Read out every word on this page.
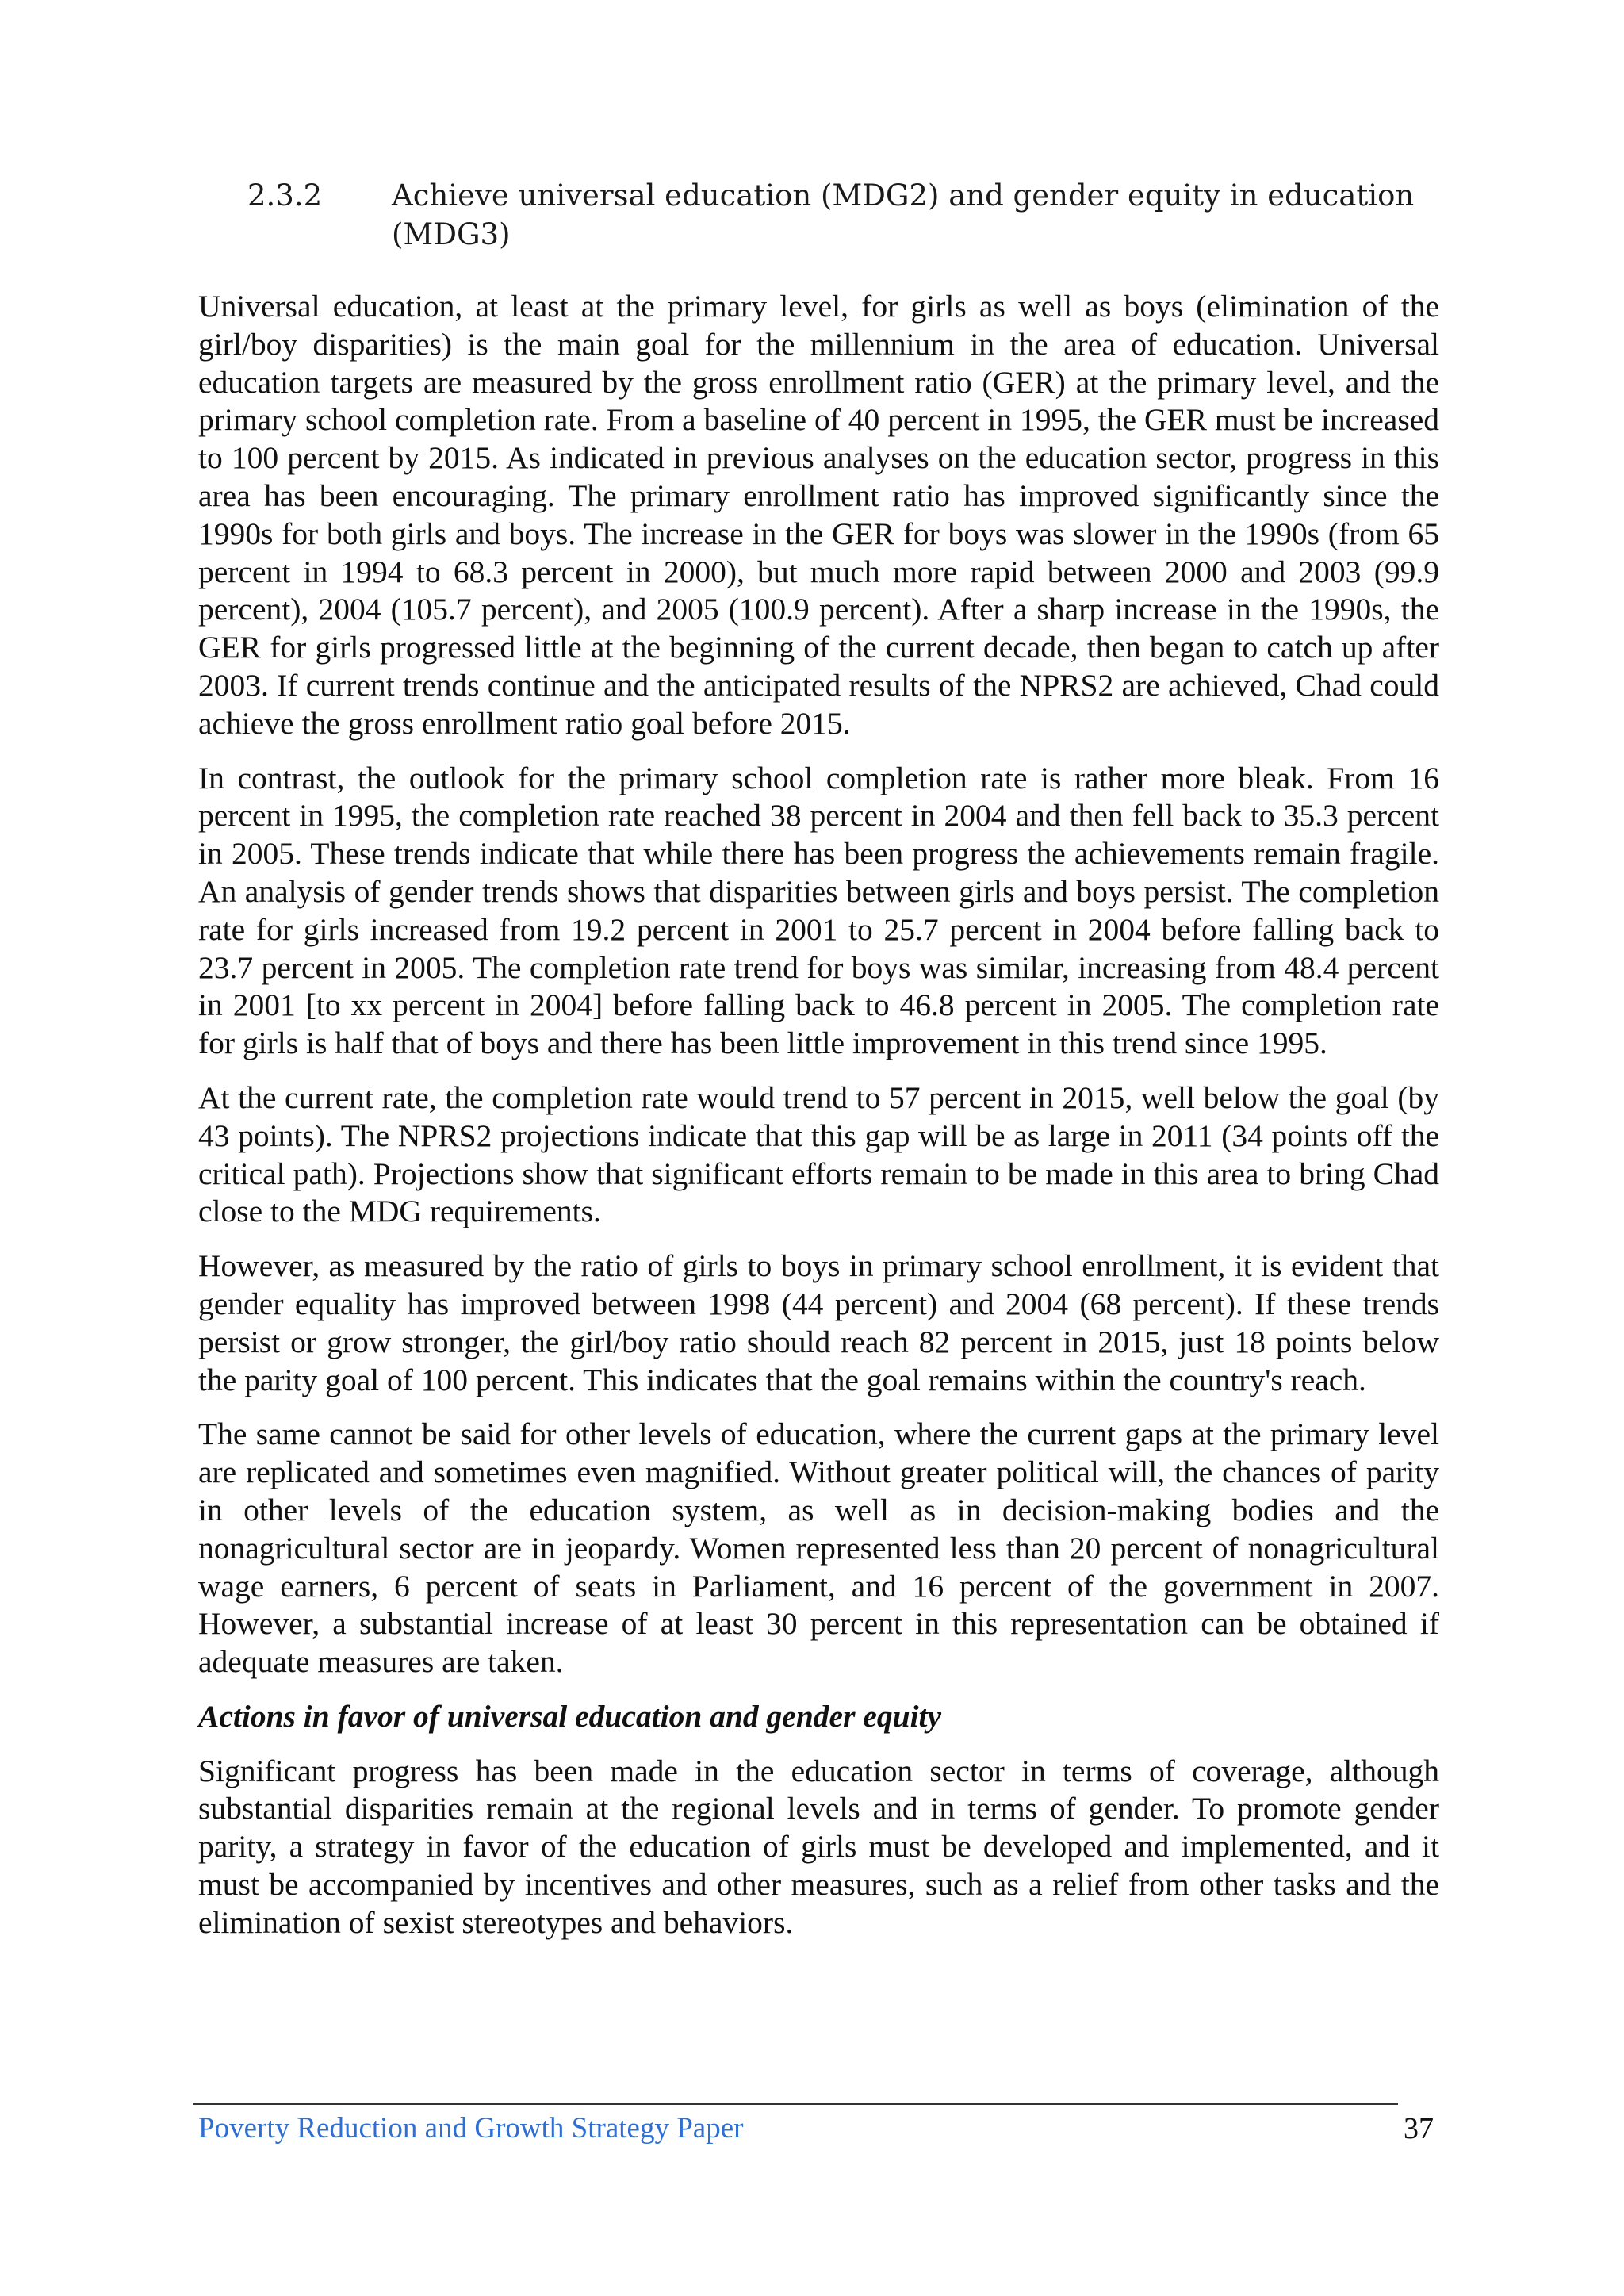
2.3.2 Achieve universal education (MDG2) and gender equity in education (MDG3)

Universal education, at least at the primary level, for girls as well as boys (elimination of the girl/boy disparities) is the main goal for the millennium in the area of education. Universal education targets are measured by the gross enrollment ratio (GER) at the primary level, and the primary school completion rate. From a baseline of 40 percent in 1995, the GER must be increased to 100 percent by 2015. As indicated in previous analyses on the education sector, progress in this area has been encouraging. The primary enrollment ratio has improved significantly since the 1990s for both girls and boys. The increase in the GER for boys was slower in the 1990s (from 65 percent in 1994 to 68.3 percent in 2000), but much more rapid between 2000 and 2003 (99.9 percent), 2004 (105.7 percent), and 2005 (100.9 percent). After a sharp increase in the 1990s, the GER for girls progressed little at the beginning of the current decade, then began to catch up after 2003. If current trends continue and the anticipated results of the NPRS2 are achieved, Chad could achieve the gross enrollment ratio goal before 2015.

In contrast, the outlook for the primary school completion rate is rather more bleak. From 16 percent in 1995, the completion rate reached 38 percent in 2004 and then fell back to 35.3 percent in 2005. These trends indicate that while there has been progress the achievements remain fragile. An analysis of gender trends shows that disparities between girls and boys persist. The completion rate for girls increased from 19.2 percent in 2001 to 25.7 percent in 2004 before falling back to 23.7 percent in 2005. The completion rate trend for boys was similar, increasing from 48.4 percent in 2001 [to xx percent in 2004] before falling back to 46.8 percent in 2005. The completion rate for girls is half that of boys and there has been little improvement in this trend since 1995.

At the current rate, the completion rate would trend to 57 percent in 2015, well below the goal (by 43 points). The NPRS2 projections indicate that this gap will be as large in 2011 (34 points off the critical path). Projections show that significant efforts remain to be made in this area to bring Chad close to the MDG requirements.

However, as measured by the ratio of girls to boys in primary school enrollment, it is evident that gender equality has improved between 1998 (44 percent) and 2004 (68 percent). If these trends persist or grow stronger, the girl/boy ratio should reach 82 percent in 2015, just 18 points below the parity goal of 100 percent. This indicates that the goal remains within the country's reach.

The same cannot be said for other levels of education, where the current gaps at the primary level are replicated and sometimes even magnified. Without greater political will, the chances of parity in other levels of the education system, as well as in decision-making bodies and the nonagricultural sector are in jeopardy. Women represented less than 20 percent of nonagricultural wage earners, 6 percent of seats in Parliament, and 16 percent of the government in 2007. However, a substantial increase of at least 30 percent in this representation can be obtained if adequate measures are taken.

Actions in favor of universal education and gender equity

Significant progress has been made in the education sector in terms of coverage, although substantial disparities remain at the regional levels and in terms of gender. To promote gender parity, a strategy in favor of the education of girls must be developed and implemented, and it must be accompanied by incentives and other measures, such as a relief from other tasks and the elimination of sexist stereotypes and behaviors.

Poverty Reduction and Growth Strategy Paper	37
